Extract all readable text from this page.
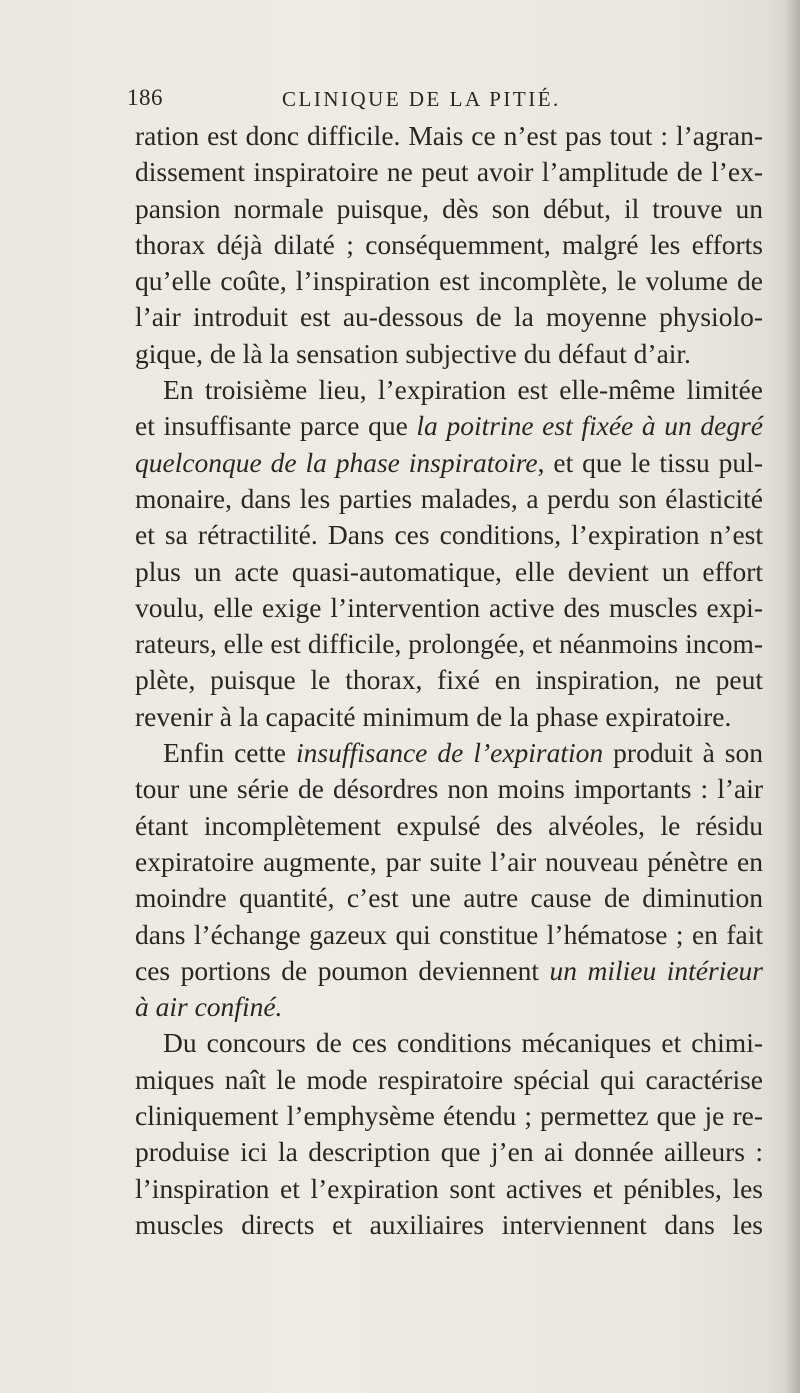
186	CLINIQUE DE LA PITIÉ.
ration est donc difficile. Mais ce n’est pas tout : l’agran-
dissement inspiratoire ne peut avoir l’amplitude de l’ex-
pansion normale puisque, dès son début, il trouve un
thorax déjà dilaté ; conséquemment, malgré les efforts
qu’elle coûte, l’inspiration est incomplète, le volume de
l’air introduit est au-dessous de la moyenne physiolo-
gique, de là la sensation subjective du défaut d’air.
En troisième lieu, l’expiration est elle-même limitée
et insuffisante parce que la poitrine est fixée à un degré
quelconque de la phase inspiratoire, et que le tissu pul-
monaire, dans les parties malades, a perdu son élasticité
et sa rétractilité. Dans ces conditions, l’expiration n’est
plus un acte quasi-automatique, elle devient un effort
voulu, elle exige l’intervention active des muscles expi-
rateurs, elle est difficile, prolongée, et néanmoins incom-
plète, puisque le thorax, fixé en inspiration, ne peut
revenir à la capacité minimum de la phase expiratoire.
Enfin cette insuffisance de l’expiration produit à son
tour une série de désordres non moins importants : l’air
étant incomplètement expulsé des alvéoles, le résidu
expiratoire augmente, par suite l’air nouveau pénètre en
moindre quantité, c’est une autre cause de diminution
dans l’échange gazeux qui constitue l’hématose ; en fait
ces portions de poumon deviennent un milieu intérieur
à air confiné.
Du concours de ces conditions mécaniques et chimi-
miques naît le mode respiratoire spécial qui caractérise
cliniquement l’emphysème étendu ; permettez que je re-
produise ici la description que j’en ai donnée ailleurs :
l’inspiration et l’expiration sont actives et pénibles, les
muscles directs et auxiliaires interviennent dans les
